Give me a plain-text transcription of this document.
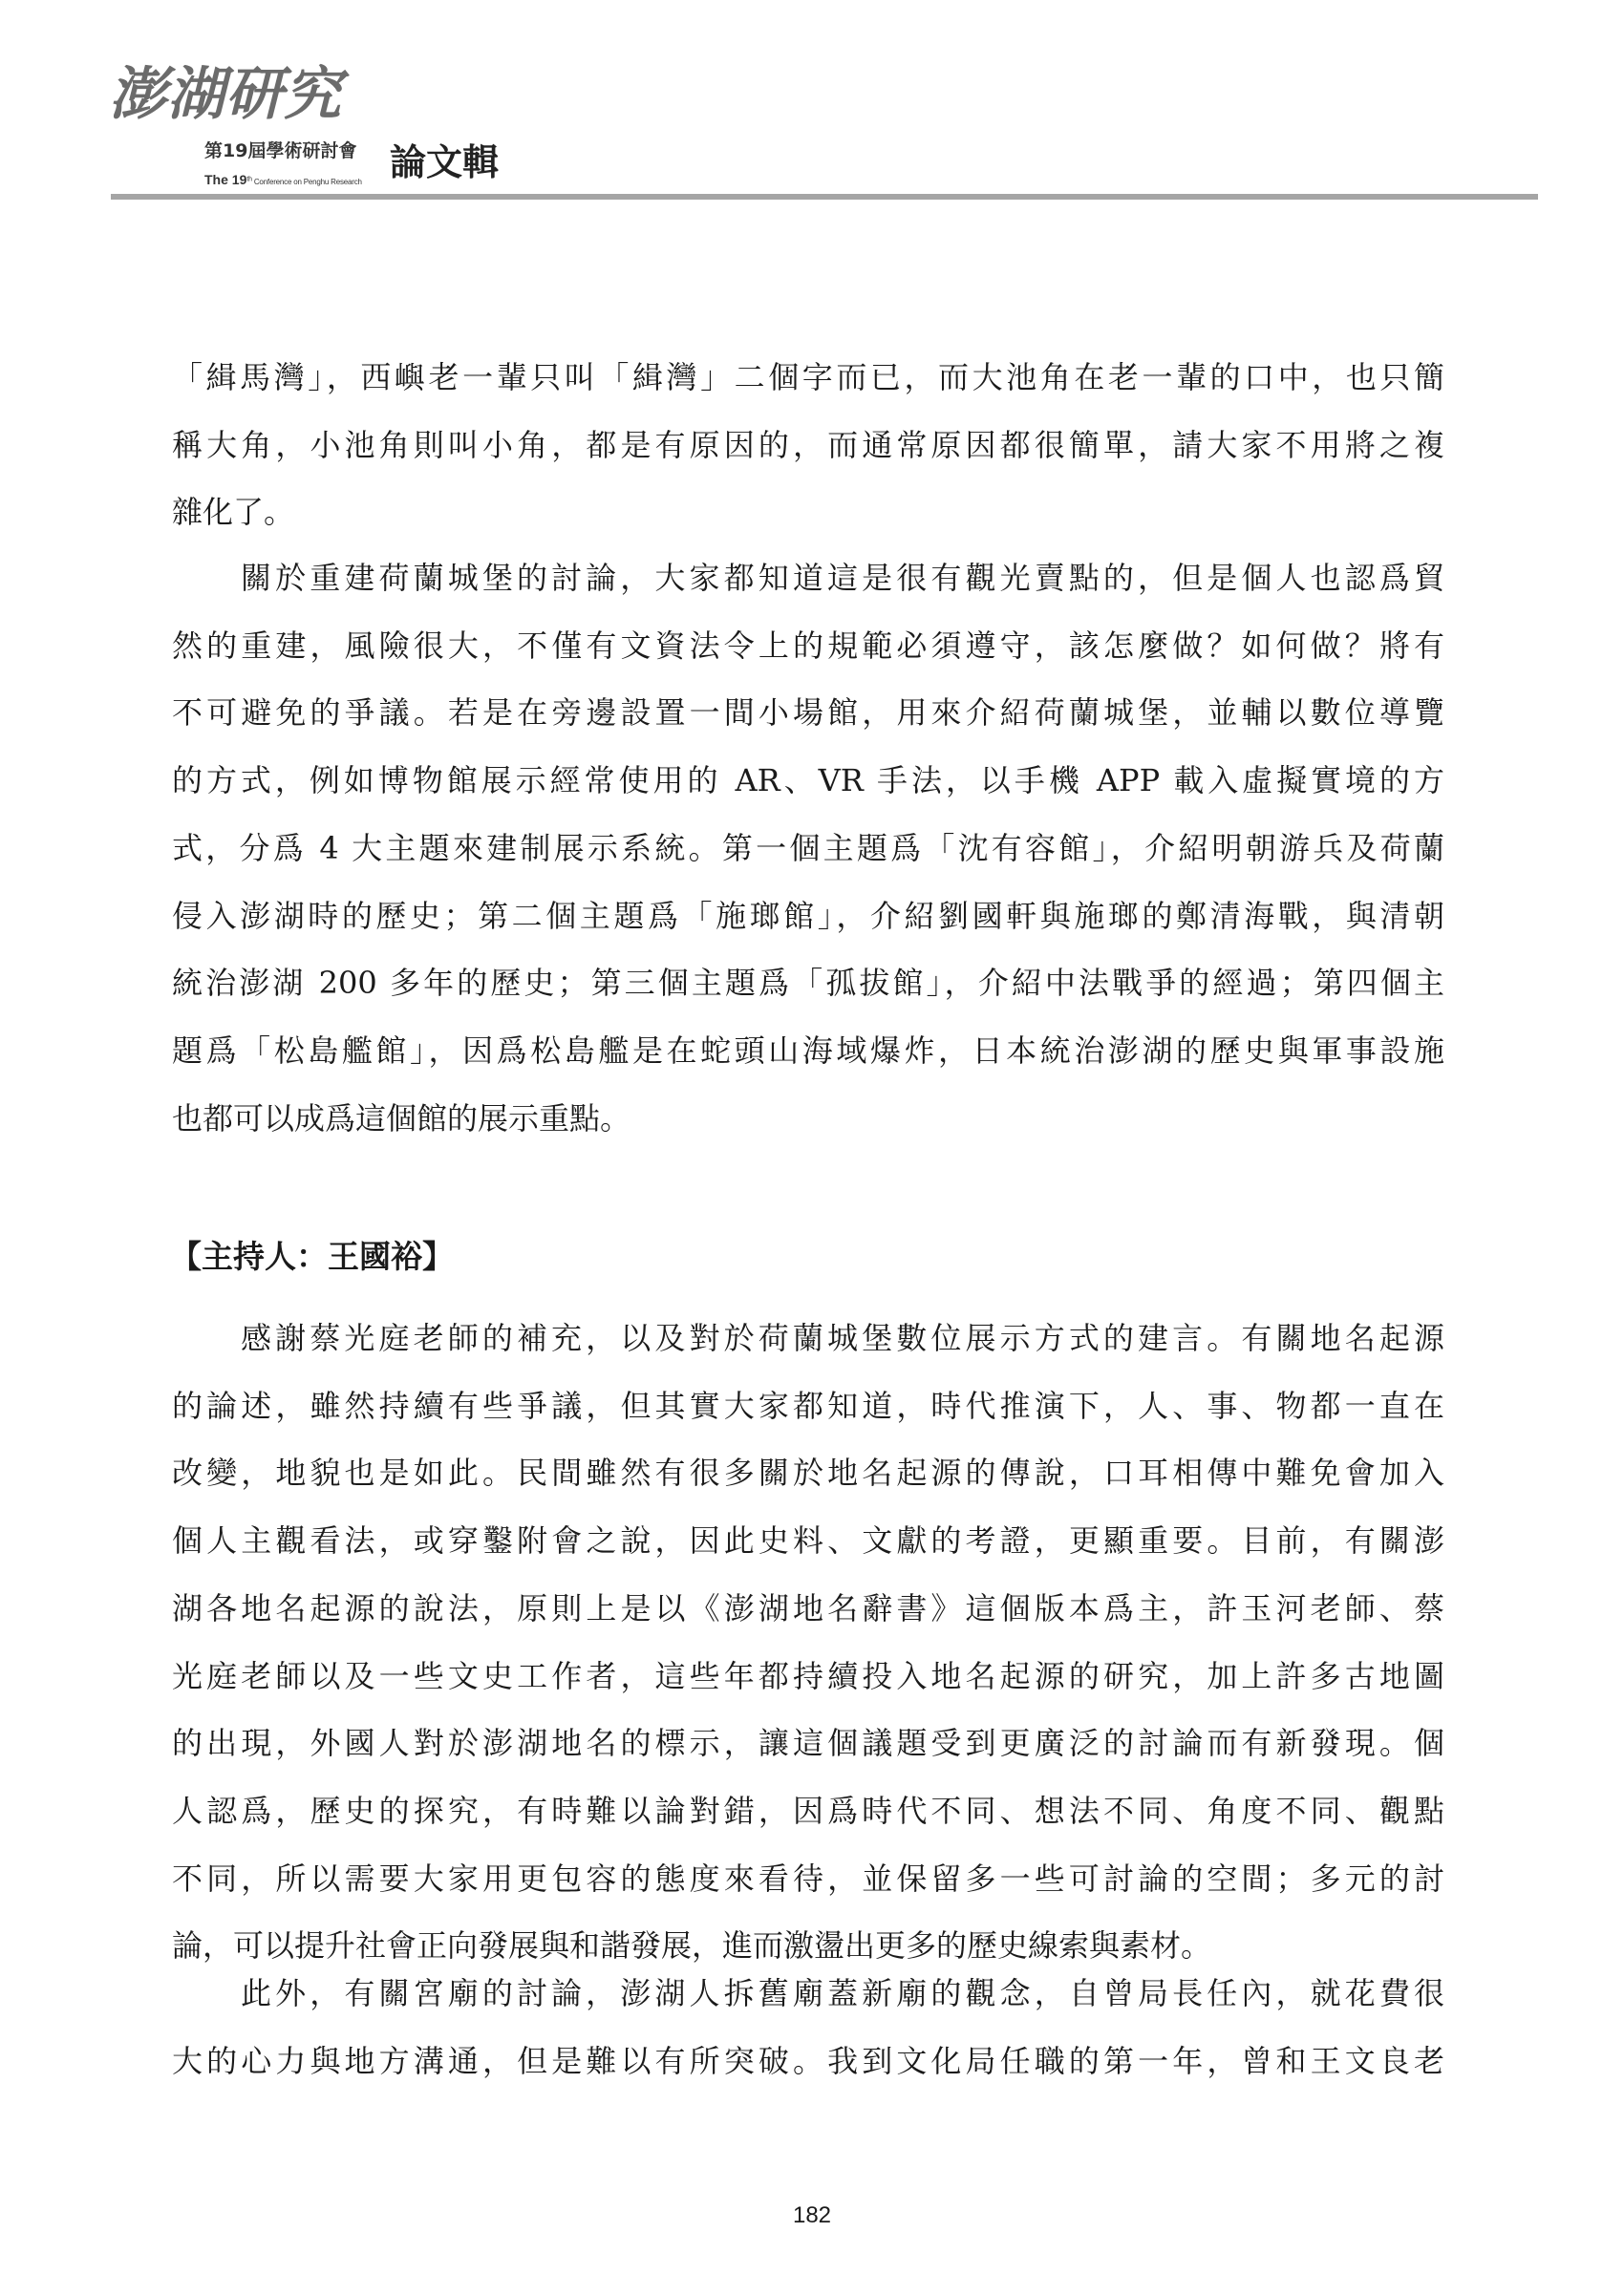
澎湖研究
第19屆學術研討會
The 19th Conference on Penghu Research 論文輯
「緝馬灣」，西嶼老一輩只叫「緝灣」二個字而已，而大池角在老一輩的口中，也只簡
稱大角，小池角則叫小角，都是有原因的，而通常原因都很簡單，請大家不用將之複
雜化了。
關於重建荷蘭城堡的討論，大家都知道這是很有觀光賣點的，但是個人也認爲貿
然的重建，風險很大，不僅有文資法令上的規範必須遵守，該怎麼做？如何做？將有
不可避免的爭議。若是在旁邊設置一間小場館，用來介紹荷蘭城堡，並輔以數位導覽
的方式，例如博物館展示經常使用的 AR、VR 手法，以手機 APP 載入虛擬實境的方
式，分爲 4 大主題來建制展示系統。第一個主題爲「沈有容館」，介紹明朝游兵及荷蘭
侵入澎湖時的歷史；第二個主題爲「施瑯館」，介紹劉國軒與施瑯的鄭清海戰，與清朝
統治澎湖 200 多年的歷史；第三個主題爲「孤拔館」，介紹中法戰爭的經過；第四個主
題爲「松島艦館」，因爲松島艦是在蛇頭山海域爆炸，日本統治澎湖的歷史與軍事設施
也都可以成爲這個館的展示重點。
感謝蔡光庭老師的補充，以及對於荷蘭城堡數位展示方式的建言。有關地名起源
的論述，雖然持續有些爭議，但其實大家都知道，時代推演下，人、事、物都一直在
改變，地貌也是如此。民間雖然有很多關於地名起源的傳說，口耳相傳中難免會加入
個人主觀看法，或穿鑿附會之說，因此史料、文獻的考證，更顯重要。目前，有關澎
湖各地名起源的說法，原則上是以《澎湖地名辭書》這個版本爲主，許玉河老師、蔡
光庭老師以及一些文史工作者，這些年都持續投入地名起源的研究，加上許多古地圖
的出現，外國人對於澎湖地名的標示，讓這個議題受到更廣泛的討論而有新發現。個
人認爲，歷史的探究，有時難以論對錯，因爲時代不同、想法不同、角度不同、觀點
不同，所以需要大家用更包容的態度來看待，並保留多一些可討論的空間；多元的討
論，可以提升社會正向發展與和諧發展，進而激盪出更多的歷史線索與素材。
此外，有關宮廟的討論，澎湖人拆舊廟蓋新廟的觀念，自曾局長任內，就花費很
大的心力與地方溝通，但是難以有所突破。我到文化局任職的第一年，曾和王文良老
【主持人：王國裕】
182
